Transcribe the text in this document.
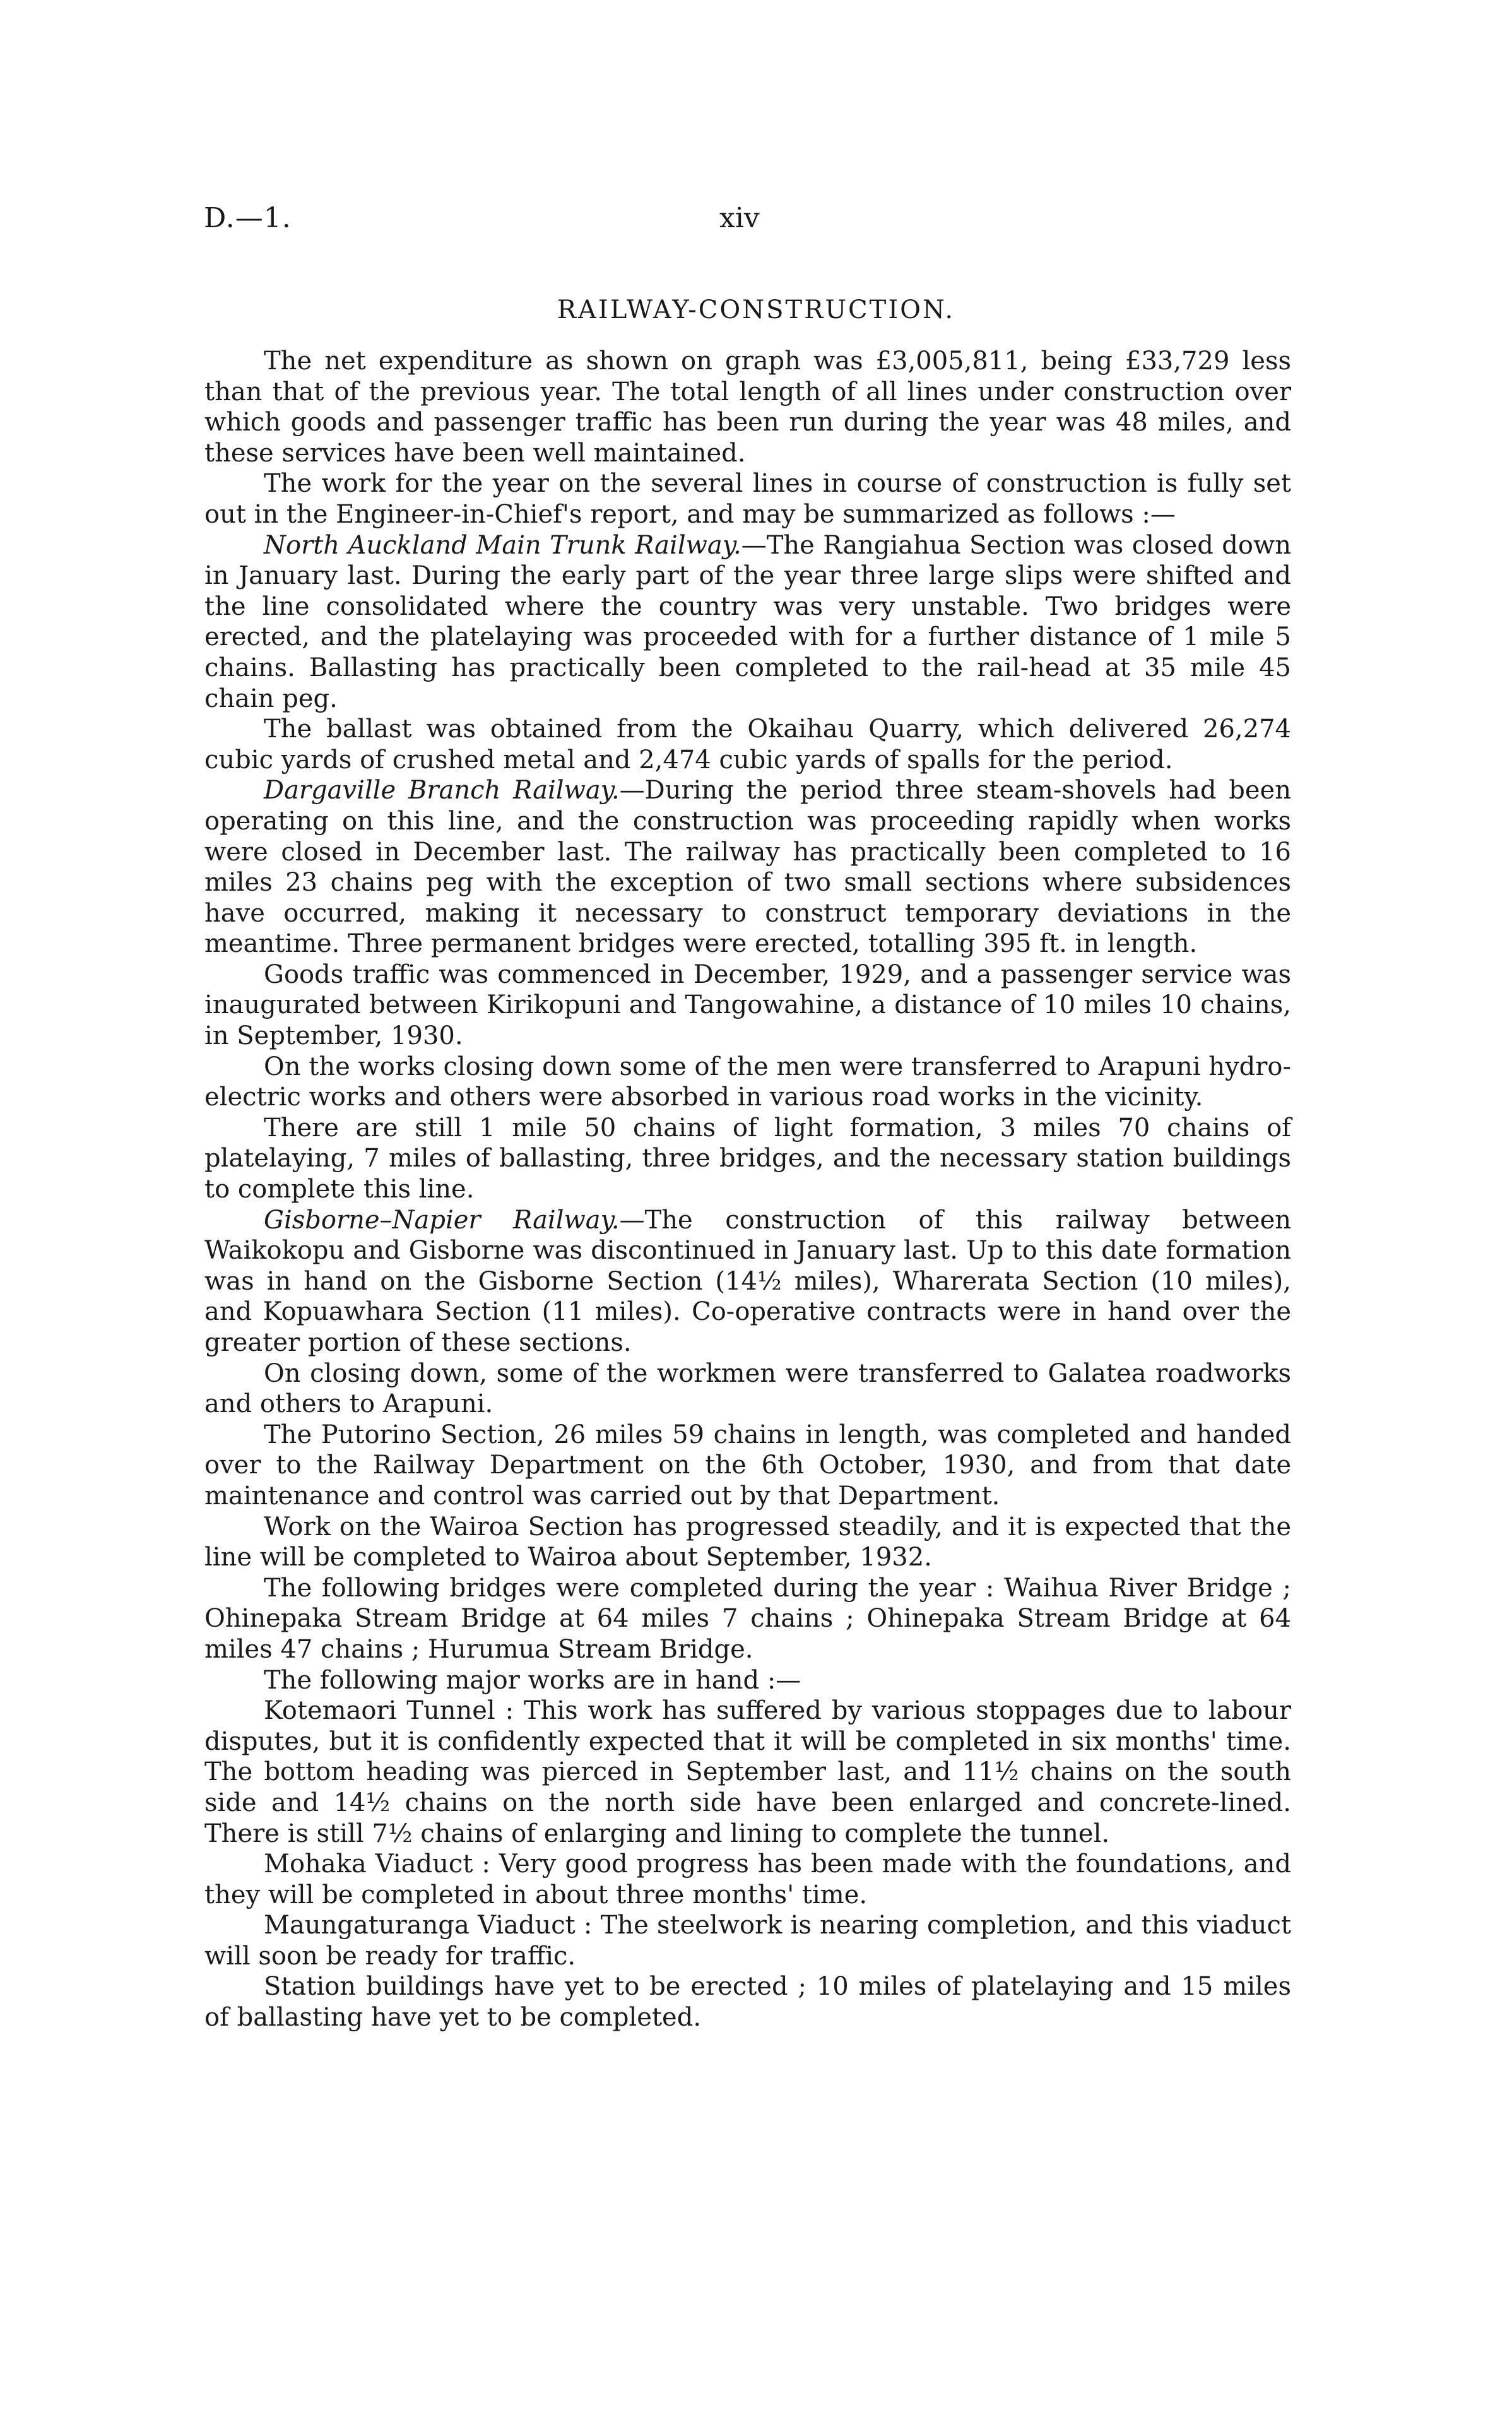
D.—1.	xiv
RAILWAY-CONSTRUCTION.

The net expenditure as shown on graph was £3,005,811, being £33,729 less than that of the previous year. The total length of all lines under construction over which goods and passenger traffic has been run during the year was 48 miles, and these services have been well maintained.

The work for the year on the several lines in course of construction is fully set out in the Engineer-in-Chief's report, and may be summarized as follows :—

North Auckland Main Trunk Railway.—The Rangiahua Section was closed down in January last. During the early part of the year three large slips were shifted and the line consolidated where the country was very unstable. Two bridges were erected, and the platelaying was proceeded with for a further distance of 1 mile 5 chains. Ballasting has practically been completed to the rail-head at 35 mile 45 chain peg.

The ballast was obtained from the Okaihau Quarry, which delivered 26,274 cubic yards of crushed metal and 2,474 cubic yards of spalls for the period.

Dargaville Branch Railway.—During the period three steam-shovels had been operating on this line, and the construction was proceeding rapidly when works were closed in December last. The railway has practically been completed to 16 miles 23 chains peg with the exception of two small sections where subsidences have occurred, making it necessary to construct temporary deviations in the meantime. Three permanent bridges were erected, totalling 395 ft. in length.

Goods traffic was commenced in December, 1929, and a passenger service was inaugurated between Kirikopuni and Tangowahine, a distance of 10 miles 10 chains, in September, 1930.

On the works closing down some of the men were transferred to Arapuni hydro-electric works and others were absorbed in various road works in the vicinity.

There are still 1 mile 50 chains of light formation, 3 miles 70 chains of platelaying, 7 miles of ballasting, three bridges, and the necessary station buildings to complete this line.

Gisborne–Napier Railway.—The construction of this railway between Waikokopu and Gisborne was discontinued in January last. Up to this date formation was in hand on the Gisborne Section (14½ miles), Wharerata Section (10 miles), and Kopuawhara Section (11 miles). Co-operative contracts were in hand over the greater portion of these sections.

On closing down, some of the workmen were transferred to Galatea roadworks and others to Arapuni.

The Putorino Section, 26 miles 59 chains in length, was completed and handed over to the Railway Department on the 6th October, 1930, and from that date maintenance and control was carried out by that Department.

Work on the Wairoa Section has progressed steadily, and it is expected that the line will be completed to Wairoa about September, 1932.

The following bridges were completed during the year : Waihua River Bridge ; Ohinepaka Stream Bridge at 64 miles 7 chains ; Ohinepaka Stream Bridge at 64 miles 47 chains ; Hurumua Stream Bridge.

The following major works are in hand :—

Kotemaori Tunnel : This work has suffered by various stoppages due to labour disputes, but it is confidently expected that it will be completed in six months' time. The bottom heading was pierced in September last, and 11½ chains on the south side and 14½ chains on the north side have been enlarged and concrete-lined. There is still 7½ chains of enlarging and lining to complete the tunnel.

Mohaka Viaduct : Very good progress has been made with the foundations, and they will be completed in about three months' time.

Maungaturanga Viaduct : The steelwork is nearing completion, and this viaduct will soon be ready for traffic.

Station buildings have yet to be erected ; 10 miles of platelaying and 15 miles of ballasting have yet to be completed.
